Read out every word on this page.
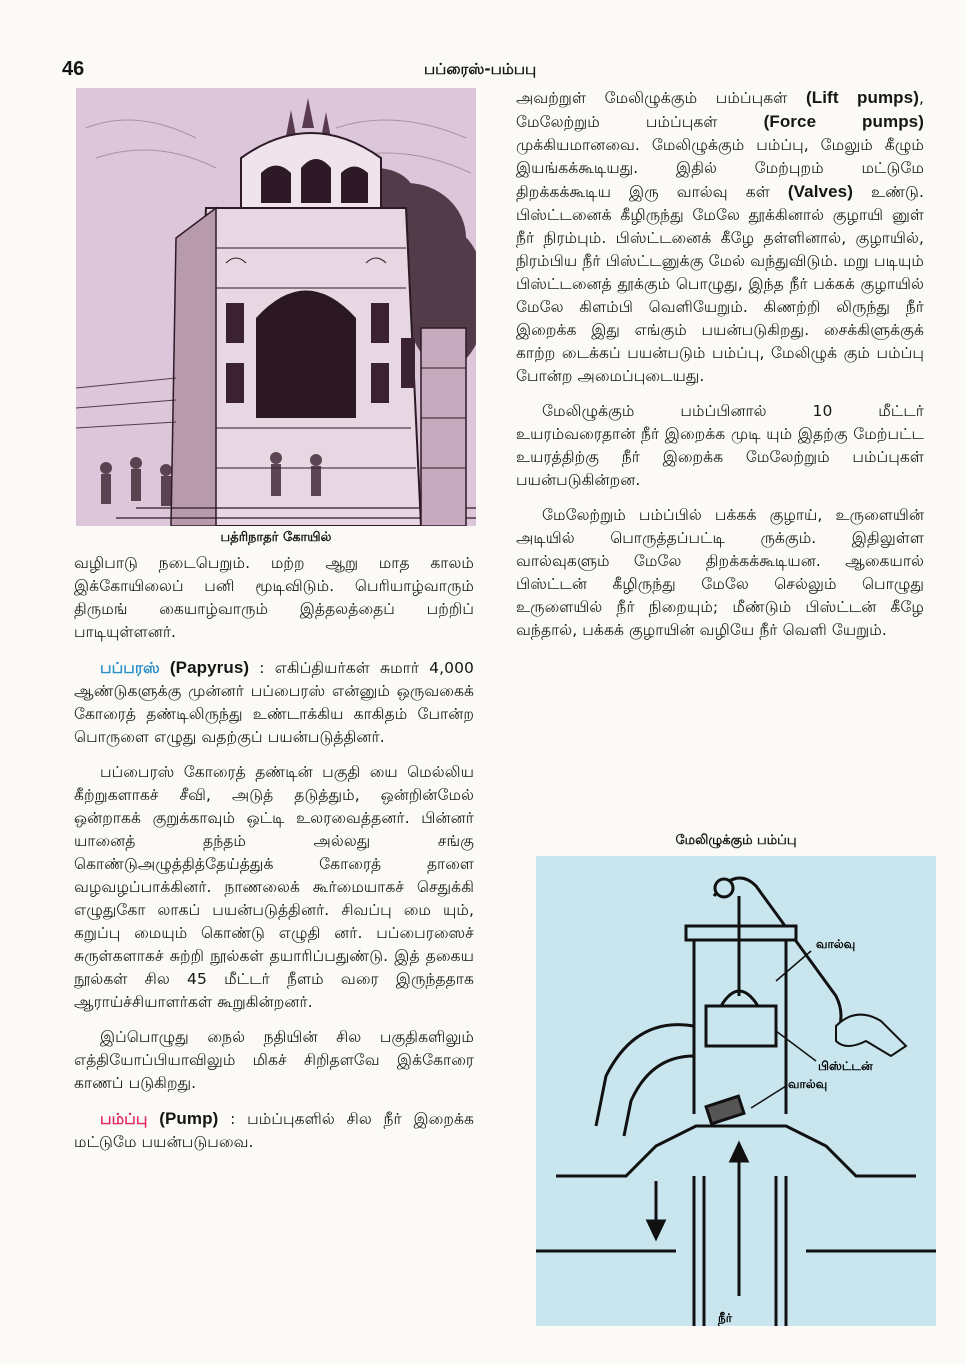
46	பப்ரைஸ்-பம்பபு
பத்ரிநாதர் கோயில்

வழிபாடு நடைபெறும். மற்ற ஆறு மாத காலம் இக்கோயிலைப் பனி மூடிவிடும். பெரியாழ்வாரும் திருமங் கையாழ்வாரும் இத்தலத்தைப் பற்றிப் பாடியுள்ளனர்.

பப்பரஸ் (Papyrus) : எகிப்தியர்கள் சுமார் 4,000 ஆண்டுகளுக்கு முன்னர் பப்பைரஸ் என்னும் ஒருவகைக் கோரைத் தண்டிலிருந்து உண்டாக்கிய காகிதம் போன்ற பொருளை எழுது வதற்குப் பயன்படுத்தினர்.

பப்பைரஸ் கோரைத் தண்டின் பகுதி யை மெல்லிய கீற்றுகளாகச் சீவி, அடுத் தடுத்தும், ஒன்றின்மேல் ஒன்றாகக் குறுக்காவும் ஒட்டி உலரவைத்தனர். பின்னர் யானைத் தந்தம் அல்லது சங்கு கொண்டுஅழுத்தித்தேய்த்துக் கோரைத் தாளை வழவழப்பாக்கினர். நாணலைக் கூர்மையாகச் செதுக்கி எழுதுகோ லாகப் பயன்படுத்தினர். சிவப்பு மை யும், கறுப்பு மையும் கொண்டு எழுதி னர். பப்பைரஸைச் சுருள்களாகச் சுற்றி நூல்கள் தயாரிப்பதுண்டு. இத் தகைய நூல்கள் சில 45 மீட்டர் நீளம் வரை இருந்ததாக ஆராய்ச்சியாளர்கள் கூறுகின்றனர்.

இப்பொழுது நைல் நதியின் சில பகுதிகளிலும் எத்தியோப்பியாவிலும் மிகச் சிறிதளவே இக்கோரை காணப் படுகிறது.

பம்ப்பு (Pump) : பம்ப்புகளில் சில நீர் இறைக்க மட்டுமே பயன்படுபவை.

அவற்றுள் மேலிழுக்கும் பம்ப்புகள் (Lift pumps), மேலேற்றும் பம்ப்புகள்	(Force pumps) முக்கியமானவை. மேலிழுக்கும் பம்ப்பு, மேலும் கீழும் இயங்கக்கூடியது. இதில் மேற்புறம் மட்டுமே திறக்கக்கூடிய இரு வால்வு கள் (Valves) உண்டு. பிஸ்ட்டனைக் கீழிருந்து மேலே தூக்கினால் குழாயி னுள் நீர் நிரம்பும். பிஸ்ட்டனைக் கீழே தள்ளினால், குழாயில், நிரம்பிய நீர் பிஸ்ட்டனுக்கு மேல் வந்துவிடும். மறு படியும் பிஸ்ட்டனைத் தூக்கும் பொழுது, இந்த நீர் பக்கக் குழாயில் மேலே கிளம்பி வெளியேறும். கிணற்றி லிருந்து நீர் இறைக்க இது எங்கும் பயன்படுகிறது. சைக்கிளுக்குக் காற்ற டைக்கப் பயன்படும் பம்ப்பு, மேலிழுக் கும் பம்ப்பு போன்ற அமைப்புடையது.

மேலிழுக்கும் பம்ப்பினால் 10 மீட்டர் உயரம்வரைதான் நீர் இறைக்க முடி யும் இதற்கு மேற்பட்ட உயரத்திற்கு நீர் இறைக்க மேலேற்றும் பம்ப்புகள் பயன்படுகின்றன.

மேலேற்றும் பம்ப்பில் பக்கக் குழாய், உருளையின் அடியில் பொருத்தப்பட்டி ருக்கும். இதிலுள்ள வால்வுகளும் மேலே திறக்கக்கூடியன. ஆகையால் பிஸ்ட்டன் கீழிருந்து மேலே செல்லும் பொழுது உருளையில் நீர் நிறையும்; மீண்டும் பிஸ்ட்டன் கீழே வந்தால், பக்கக் குழாயின் வழியே நீர் வெளி யேறும்.

மேலிழுக்கும் பம்ப்பு
வால்வு
பிஸ்ட்டன்
வால்வு
நீர்
